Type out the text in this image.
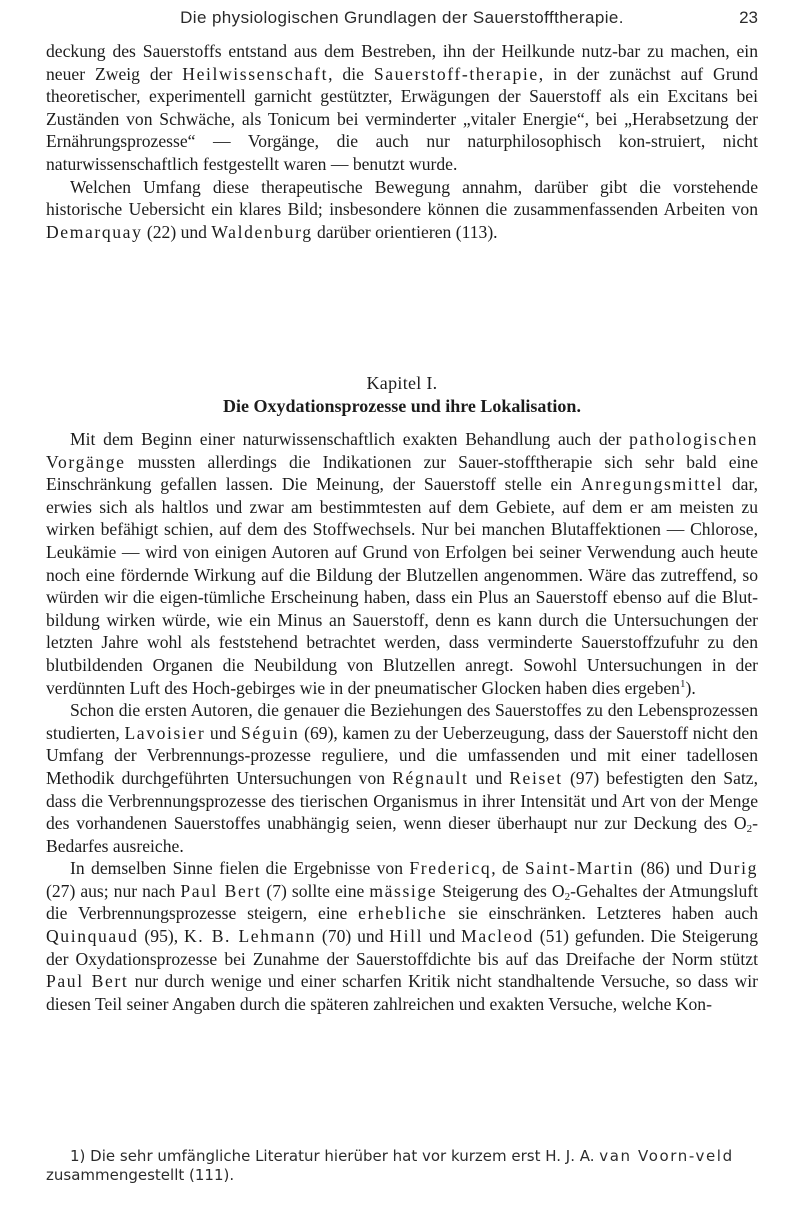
Die physiologischen Grundlagen der Sauerstofftherapie.	23

deckung des Sauerstoffs entstand aus dem Bestreben, ihn der Heilkunde nutz-bar zu machen, ein neuer Zweig der Heilwissenschaft, die Sauerstoff-therapie, in der zunächst auf Grund theoretischer, experimentell garnicht gestützter, Erwägungen der Sauerstoff als ein Excitans bei Zuständen von Schwäche, als Tonicum bei verminderter „vitaler Energie“, bei „Herabsetzung der Ernährungsprozesse“ — Vorgänge, die auch nur naturphilosophisch kon-struiert, nicht naturwissenschaftlich festgestellt waren — benutzt wurde.

Welchen Umfang diese therapeutische Bewegung annahm, darüber gibt die vorstehende historische Uebersicht ein klares Bild; insbesondere können die zusammenfassenden Arbeiten von Demarquay (22) und Waldenburg darüber orientieren (113).

Kapitel I.

Die Oxydationsprozesse und ihre Lokalisation.

Mit dem Beginn einer naturwissenschaftlich exakten Behandlung auch der pathologischen Vorgänge mussten allerdings die Indikationen zur Sauer-stofftherapie sich sehr bald eine Einschränkung gefallen lassen. Die Meinung, der Sauerstoff stelle ein Anregungsmittel dar, erwies sich als haltlos und zwar am bestimmtesten auf dem Gebiete, auf dem er am meisten zu wirken befähigt schien, auf dem des Stoffwechsels. Nur bei manchen Blutaffektionen — Chlorose, Leukämie — wird von einigen Autoren auf Grund von Erfolgen bei seiner Verwendung auch heute noch eine fördernde Wirkung auf die Bildung der Blutzellen angenommen. Wäre das zutreffend, so würden wir die eigen-tümliche Erscheinung haben, dass ein Plus an Sauerstoff ebenso auf die Blut-bildung wirken würde, wie ein Minus an Sauerstoff, denn es kann durch die Untersuchungen der letzten Jahre wohl als feststehend betrachtet werden, dass verminderte Sauerstoffzufuhr zu den blutbildenden Organen die Neubildung von Blutzellen anregt. Sowohl Untersuchungen in der verdünnten Luft des Hoch-gebirges wie in der pneumatischer Glocken haben dies ergeben$^1$).

Schon die ersten Autoren, die genauer die Beziehungen des Sauerstoffes zu den Lebensprozessen studierten, Lavoisier und Séguin (69), kamen zu der Ueberzeugung, dass der Sauerstoff nicht den Umfang der Verbrennungs-prozesse reguliere, und die umfassenden und mit einer tadellosen Methodik durchgeführten Untersuchungen von Régnault und Reiset (97) befestigten den Satz, dass die Verbrennungsprozesse des tierischen Organismus in ihrer Intensität und Art von der Menge des vorhandenen Sauerstoffes unabhängig seien, wenn dieser überhaupt nur zur Deckung des $O_2$-Bedarfes ausreiche.

In demselben Sinne fielen die Ergebnisse von Fredericq, de Saint-Martin (86) und Durig (27) aus; nur nach Paul Bert (7) sollte eine mässige Steigerung des $O_2$-Gehaltes der Atmungsluft die Verbrennungsprozesse steigern, eine erhebliche sie einschränken. Letzteres haben auch Quinquaud (95), K. B. Lehmann (70) und Hill und Macleod (51) gefunden. Die Steigerung der Oxydationsprozesse bei Zunahme der Sauerstoffdichte bis auf das Dreifache der Norm stützt Paul Bert nur durch wenige und einer scharfen Kritik nicht standhaltende Versuche, so dass wir diesen Teil seiner Angaben durch die späteren zahlreichen und exakten Versuche, welche Kon-

1) Die sehr umfängliche Literatur hierüber hat vor kurzem erst H. J. A. van Voorn-veld zusammengestellt (111).
